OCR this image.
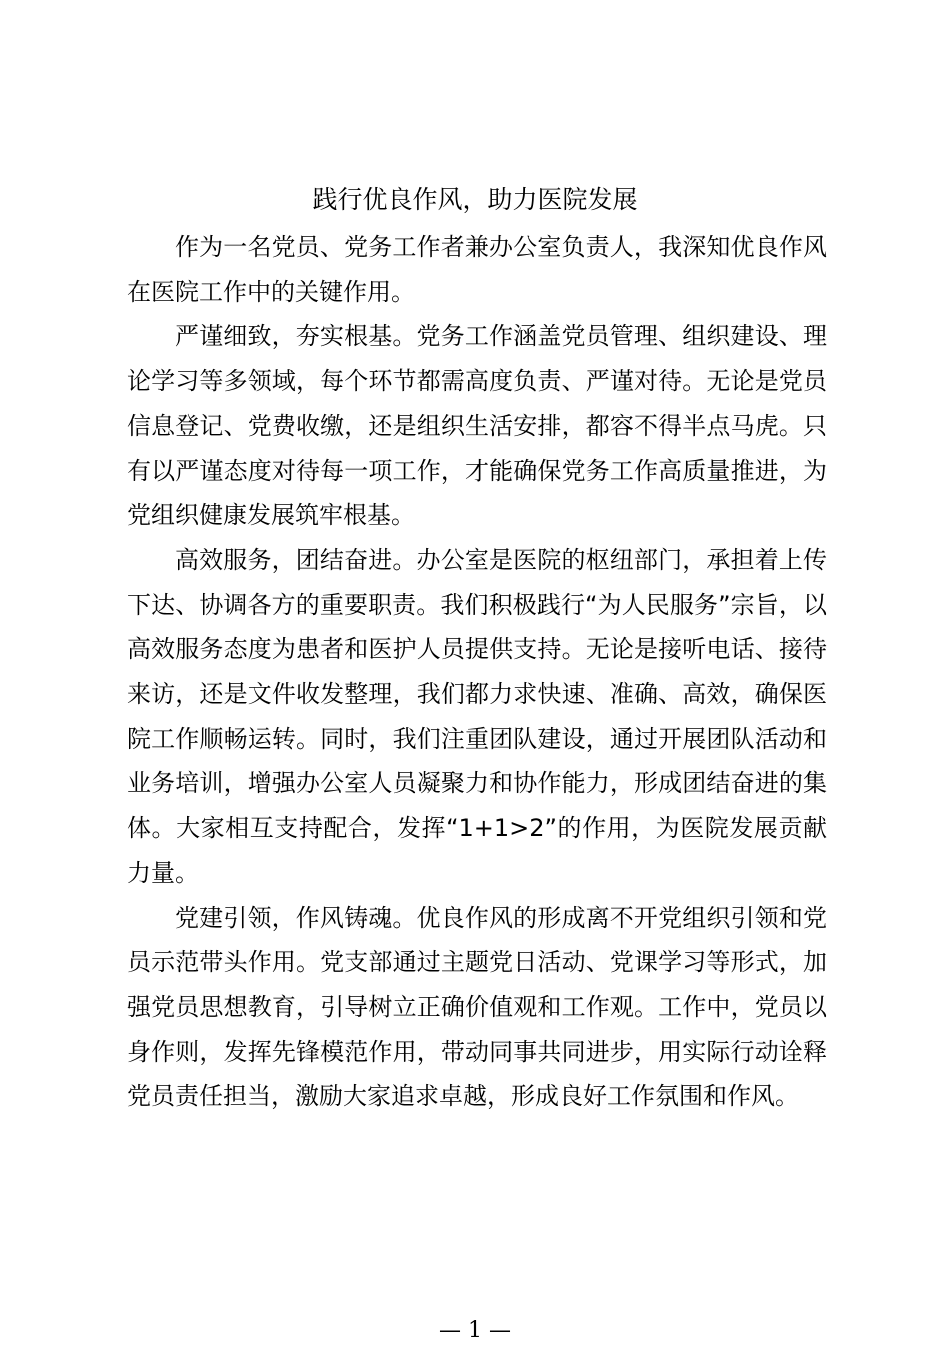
践行优良作风，助力医院发展

作为一名党员、党务工作者兼办公室负责人，我深知优良作风在医院工作中的关键作用。

严谨细致，夯实根基。党务工作涵盖党员管理、组织建设、理论学习等多领域，每个环节都需高度负责、严谨对待。无论是党员信息登记、党费收缴，还是组织生活安排，都容不得半点马虎。只有以严谨态度对待每一项工作，才能确保党务工作高质量推进，为党组织健康发展筑牢根基。

高效服务，团结奋进。办公室是医院的枢纽部门，承担着上传下达、协调各方的重要职责。我们积极践行“为人民服务”宗旨，以高效服务态度为患者和医护人员提供支持。无论是接听电话、接待来访，还是文件收发整理，我们都力求快速、准确、高效，确保医院工作顺畅运转。同时，我们注重团队建设，通过开展团队活动和业务培训，增强办公室人员凝聚力和协作能力，形成团结奋进的集体。大家相互支持配合，发挥“1+1>2”的作用，为医院发展贡献力量。

党建引领，作风铸魂。优良作风的形成离不开党组织引领和党员示范带头作用。党支部通过主题党日活动、党课学习等形式，加强党员思想教育，引导树立正确价值观和工作观。工作中，党员以身作则，发挥先锋模范作用，带动同事共同进步，用实际行动诠释党员责任担当，激励大家追求卓越，形成良好工作氛围和作风。

— 1 —
